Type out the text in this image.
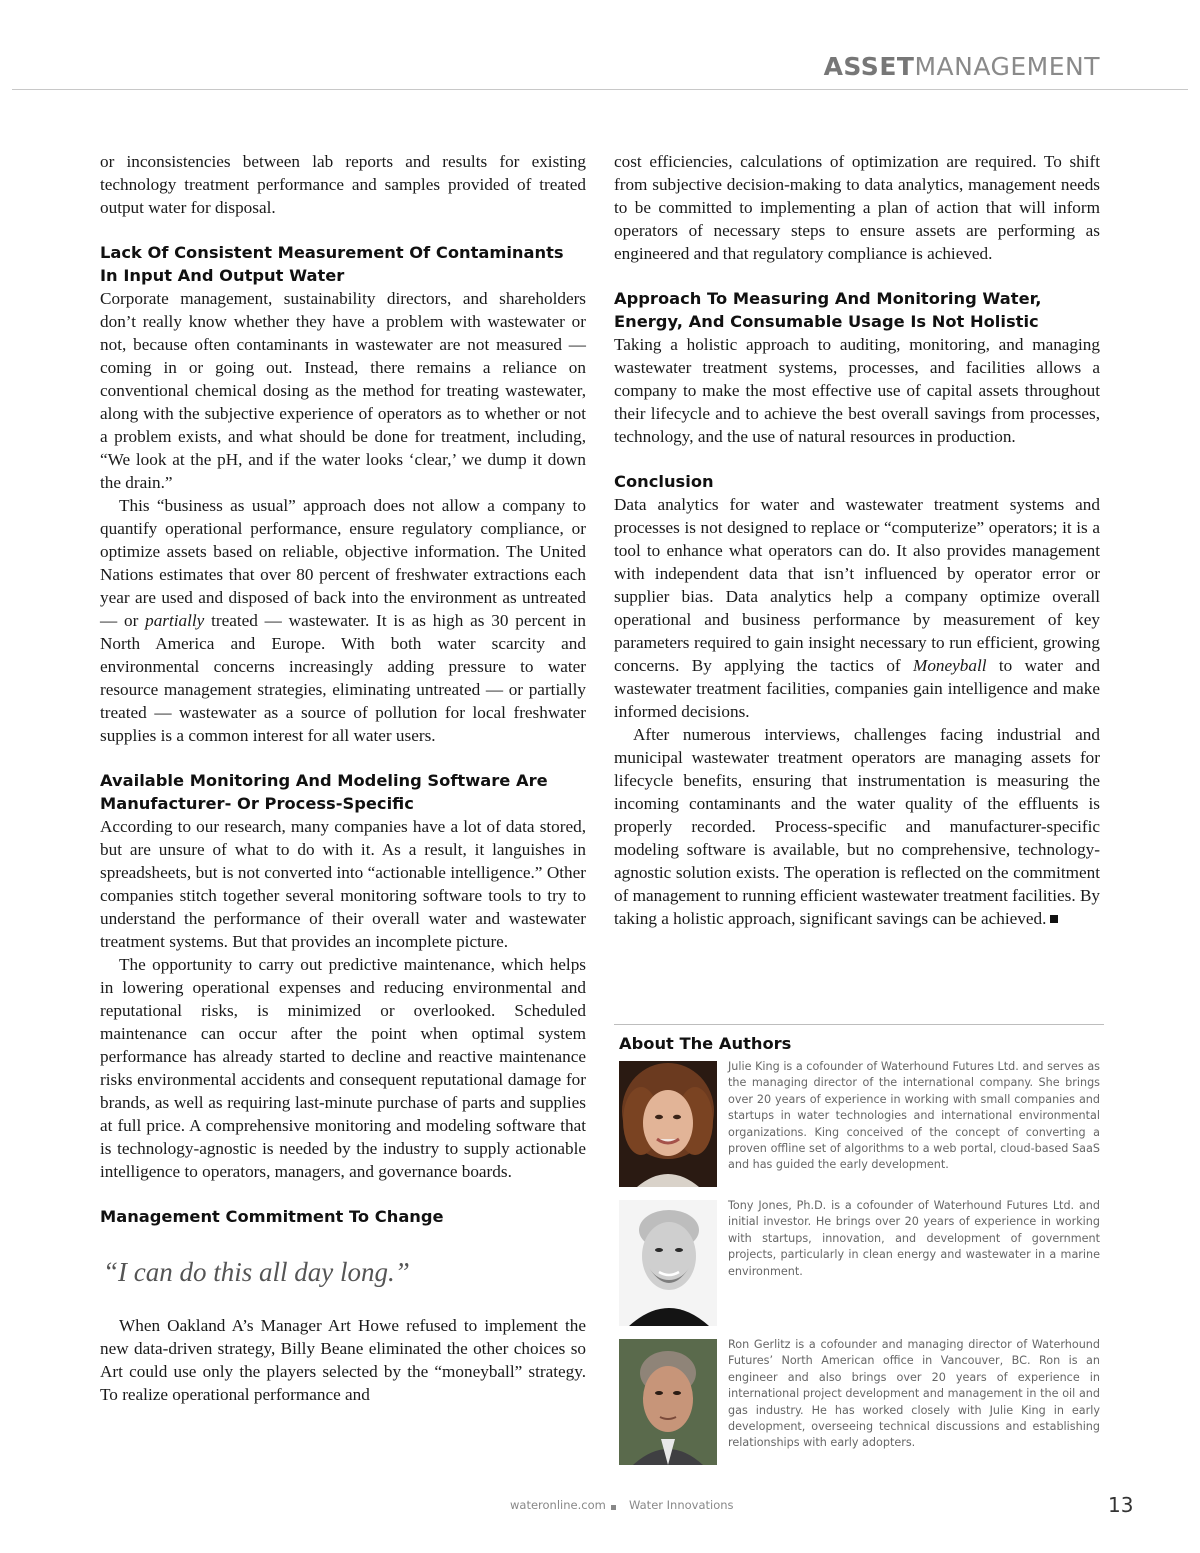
ASSETMANAGEMENT

or inconsistencies between lab reports and results for existing technology treatment performance and samples provided of treated output water for disposal.

Lack Of Consistent Measurement Of Contaminants In Input And Output Water

Corporate management, sustainability directors, and shareholders don’t really know whether they have a problem with wastewater or not, because often contaminants in wastewater are not measured — coming in or going out. Instead, there remains a reliance on conventional chemical dosing as the method for treating wastewater, along with the subjective experience of operators as to whether or not a problem exists, and what should be done for treatment, including, “We look at the pH, and if the water looks ‘clear,’ we dump it down the drain.”

This “business as usual” approach does not allow a company to quantify operational performance, ensure regulatory compliance, or optimize assets based on reliable, objective information. The United Nations estimates that over 80 percent of freshwater extractions each year are used and disposed of back into the environment as untreated — or partially treated — wastewater. It is as high as 30 percent in North America and Europe. With both water scarcity and environmental concerns increasingly adding pressure to water resource management strategies, eliminating untreated — or partially treated — wastewater as a source of pollution for local freshwater supplies is a common interest for all water users.

Available Monitoring And Modeling Software Are Manufacturer- Or Process-Specific

According to our research, many companies have a lot of data stored, but are unsure of what to do with it. As a result, it languishes in spreadsheets, but is not converted into “actionable intelligence.” Other companies stitch together several monitoring software tools to try to understand the performance of their overall water and wastewater treatment systems. But that provides an incomplete picture.

The opportunity to carry out predictive maintenance, which helps in lowering operational expenses and reducing environmental and reputational risks, is minimized or overlooked. Scheduled maintenance can occur after the point when optimal system performance has already started to decline and reactive maintenance risks environmental accidents and consequent reputational damage for brands, as well as requiring last-minute purchase of parts and supplies at full price. A comprehensive monitoring and modeling software that is technology-agnostic is needed by the industry to supply actionable intelligence to operators, managers, and governance boards.

Management Commitment To Change
“I can do this all day long.”

When Oakland A’s Manager Art Howe refused to implement the new data-driven strategy, Billy Beane eliminated the other choices so Art could use only the players selected by the “moneyball” strategy. To realize operational performance and

cost efficiencies, calculations of optimization are required. To shift from subjective decision-making to data analytics, management needs to be committed to implementing a plan of action that will inform operators of necessary steps to ensure assets are performing as engineered and that regulatory compliance is achieved.

Approach To Measuring And Monitoring Water, Energy, And Consumable Usage Is Not Holistic

Taking a holistic approach to auditing, monitoring, and managing wastewater treatment systems, processes, and facilities allows a company to make the most effective use of capital assets throughout their lifecycle and to achieve the best overall savings from processes, technology, and the use of natural resources in production.

Conclusion

Data analytics for water and wastewater treatment systems and processes is not designed to replace or “computerize” operators; it is a tool to enhance what operators can do. It also provides management with independent data that isn’t influenced by operator error or supplier bias. Data analytics help a company optimize overall operational and business performance by measurement of key parameters required to gain insight necessary to run efficient, growing concerns. By applying the tactics of Moneyball to water and wastewater treatment facilities, companies gain intelligence and make informed decisions.

After numerous interviews, challenges facing industrial and municipal wastewater treatment operators are managing assets for lifecycle benefits, ensuring that instrumentation is measuring the incoming contaminants and the water quality of the effluents is properly recorded. Process-specific and manufacturer-specific modeling software is available, but no comprehensive, technology-agnostic solution exists. The operation is reflected on the commitment of management to running efficient wastewater treatment facilities. By taking a holistic approach, significant savings can be achieved.

About The Authors
Julie King is a cofounder of Waterhound Futures Ltd. and serves as the managing director of the international company. She brings over 20 years of experience in working with small companies and startups in water technologies and international environmental organizations. King conceived of the concept of converting a proven offline set of algorithms to a web portal, cloud-based SaaS and has guided the early development.
Tony Jones, Ph.D. is a cofounder of Waterhound Futures Ltd. and initial investor. He brings over 20 years of experience in working with startups, innovation, and development of government projects, particularly in clean energy and wastewater in a marine environment.
Ron Gerlitz is a cofounder and managing director of Waterhound Futures’ North American office in Vancouver, BC. Ron is an engineer and also brings over 20 years of experience in international project development and management in the oil and gas industry. He has worked closely with Julie King in early development, overseeing technical discussions and establishing relationships with early adopters.
wateronline.com Water Innovations	13
